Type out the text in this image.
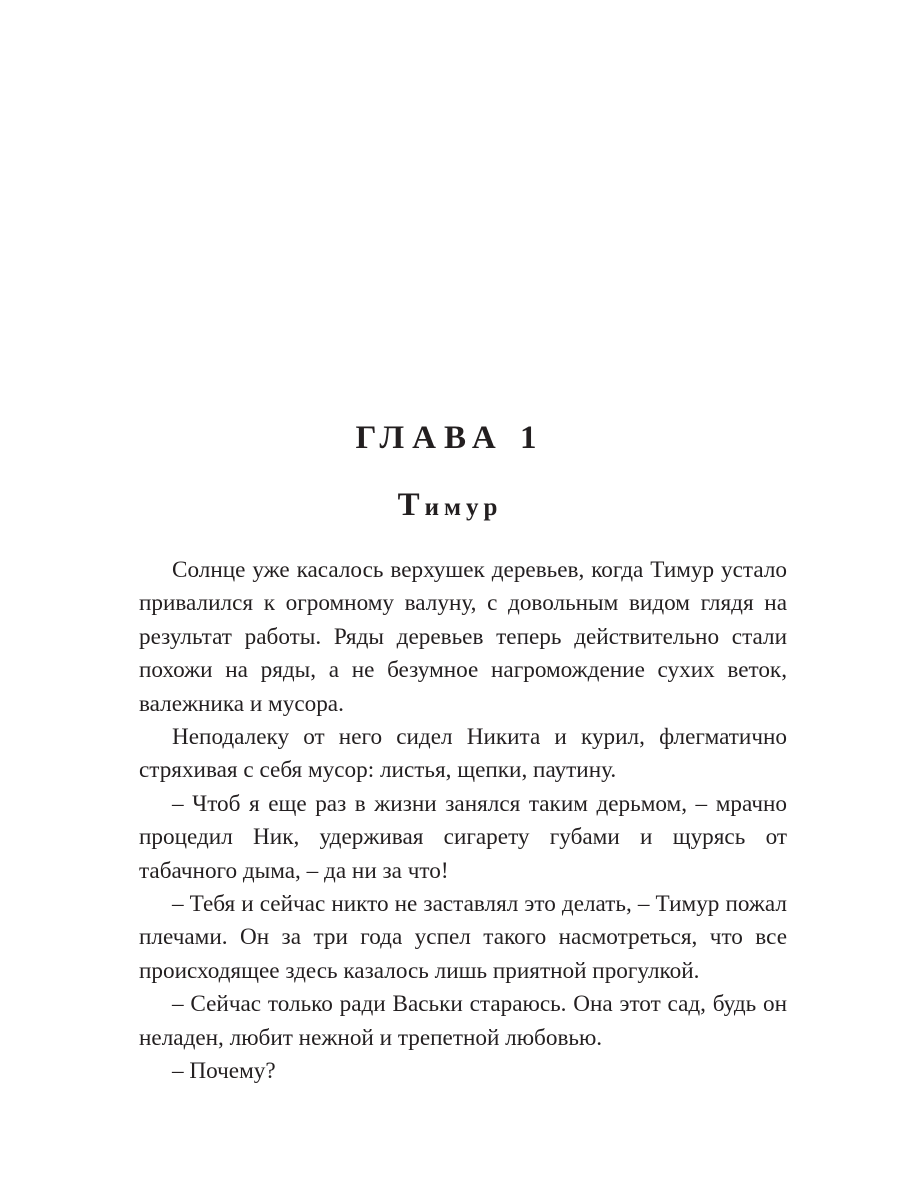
ГЛАВА 1
Тимур

Солнце уже касалось верхушек деревьев, когда Тимур устало привалился к огромному валуну, с довольным видом глядя на результат работы. Ряды деревьев теперь действительно стали похожи на ряды, а не безумное нагромождение сухих веток, валежника и мусора.

Неподалеку от него сидел Никита и курил, флегматично стряхивая с себя мусор: листья, щепки, паутину.

– Чтоб я еще раз в жизни занялся таким дерьмом, – мрачно процедил Ник, удерживая сигарету губами и щурясь от табачного дыма, – да ни за что!

– Тебя и сейчас никто не заставлял это делать, – Тимур пожал плечами. Он за три года успел такого насмотреться, что все происходящее здесь казалось лишь приятной прогулкой.

– Сейчас только ради Васьки стараюсь. Она этот сад, будь он неладен, любит нежной и трепетной любовью.

– Почему?
